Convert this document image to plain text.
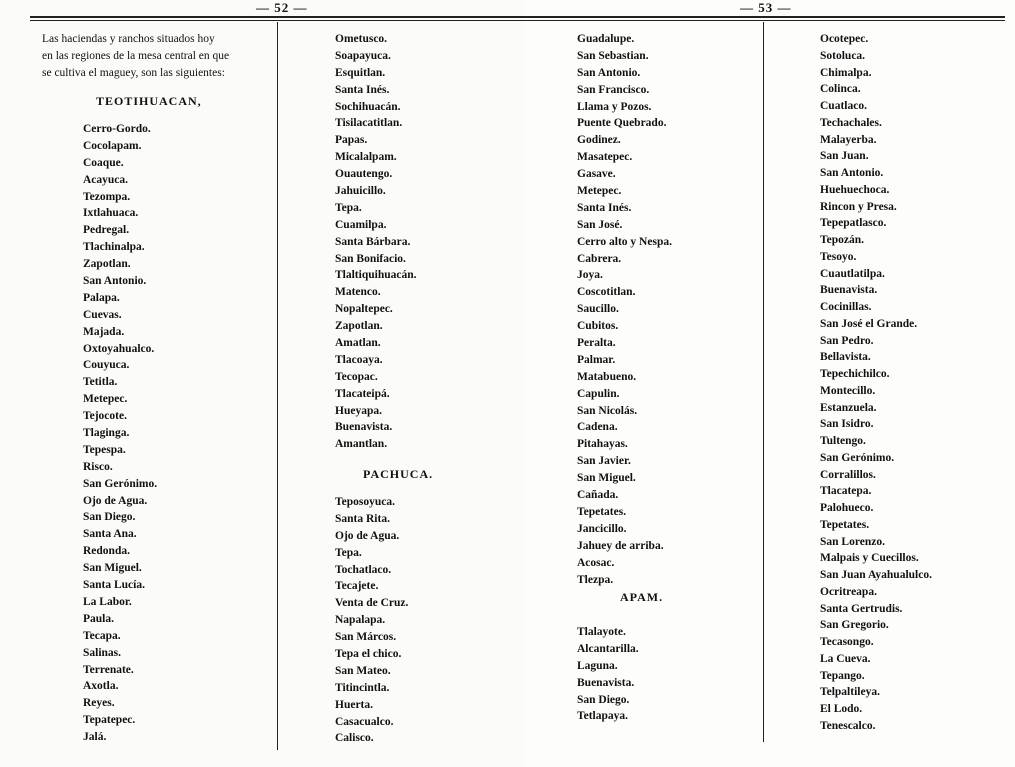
— 52 —	— 53 —
Las haciendas y ranchos situados hoy
en las regiones de la mesa central en que
se cultiva el maguey, son las siguientes:
TEOTIHUACAN,
Cerro-Gordo.
Cocolapam.
Coaque.
Acayuca.
Tezompa.
Ixtlahuaca.
Pedregal.
Tlachinalpa.
Zapotlan.
San Antonio.
Palapa.
Cuevas.
Majada.
Oxtoyahualco.
Couyuca.
Tetitla.
Metepec.
Tejocote.
Tlaginga.
Tepespa.
Risco.
San Gerónimo.
Ojo de Agua.
San Diego.
Santa Ana.
Redonda.
San Miguel.
Santa Lucía.
La Labor.
Paula.
Tecapa.
Salinas.
Terrenate.
Axotla.
Reyes.
Tepatepec.
Jalá.
Ometusco.
Soapayuca.
Esquitlan.
Santa Inés.
Sochihuacán.
Tisilacatitlan.
Papas.
Micalalpam.
Ouautengo.
Jahuicillo.
Tepa.
Cuamilpa.
Santa Bárbara.
San Bonifacio.
Tlaltiquihuacán.
Matenco.
Nopaltepec.
Zapotlan.
Amatlan.
Tlacoaya.
Tecopac.
Tlacateipá.
Hueyapa.
Buenavista.
Amantlan.
PACHUCA.
Teposoyuca.
Santa Rita.
Ojo de Agua.
Tepa.
Tochatlaco.
Tecajete.
Venta de Cruz.
Napalapa.
San Márcos.
Tepa el chico.
San Mateo.
Titincintla.
Huerta.
Casacualco.
Calisco.
Guadalupe.
San Sebastian.
San Antonio.
San Francisco.
Llama y Pozos.
Puente Quebrado.
Godinez.
Masatepec.
Gasave.
Metepec.
Santa Inés.
San José.
Cerro alto y Nespa.
Cabrera.
Joya.
Coscotitlan.
Saucillo.
Cubitos.
Peralta.
Palmar.
Matabueno.
Capulin.
San Nicolás.
Cadena.
Pitahayas.
San Javier.
San Miguel.
Cañada.
Tepetates.
Jancicillo.
Jahuey de arriba.
Acosac.
Tlezpa.
APAM.
Tlalayote.
Alcantarilla.
Laguna.
Buenavista.
San Diego.
Tetlapaya.
Ocotepec.
Sotoluca.
Chimalpa.
Colinca.
Cuatlaco.
Techachales.
Malayerba.
San Juan.
San Antonio.
Huehuechoca.
Rincon y Presa.
Tepepatlasco.
Tepozán.
Tesoyo.
Cuautlatilpa.
Buenavista.
Cocinillas.
San José el Grande.
San Pedro.
Bellavista.
Tepechichilco.
Montecillo.
Estanzuela.
San Isidro.
Tultengo.
San Gerónimo.
Corralillos.
Tlacatepa.
Palohueco.
Tepetates.
San Lorenzo.
Malpais y Cuecillos.
San Juan Ayahualulco.
Ocritreapa.
Santa Gertrudis.
San Gregorio.
Tecasongo.
La Cueva.
Tepango.
Telpaltileya.
El Lodo.
Tenescalco.
